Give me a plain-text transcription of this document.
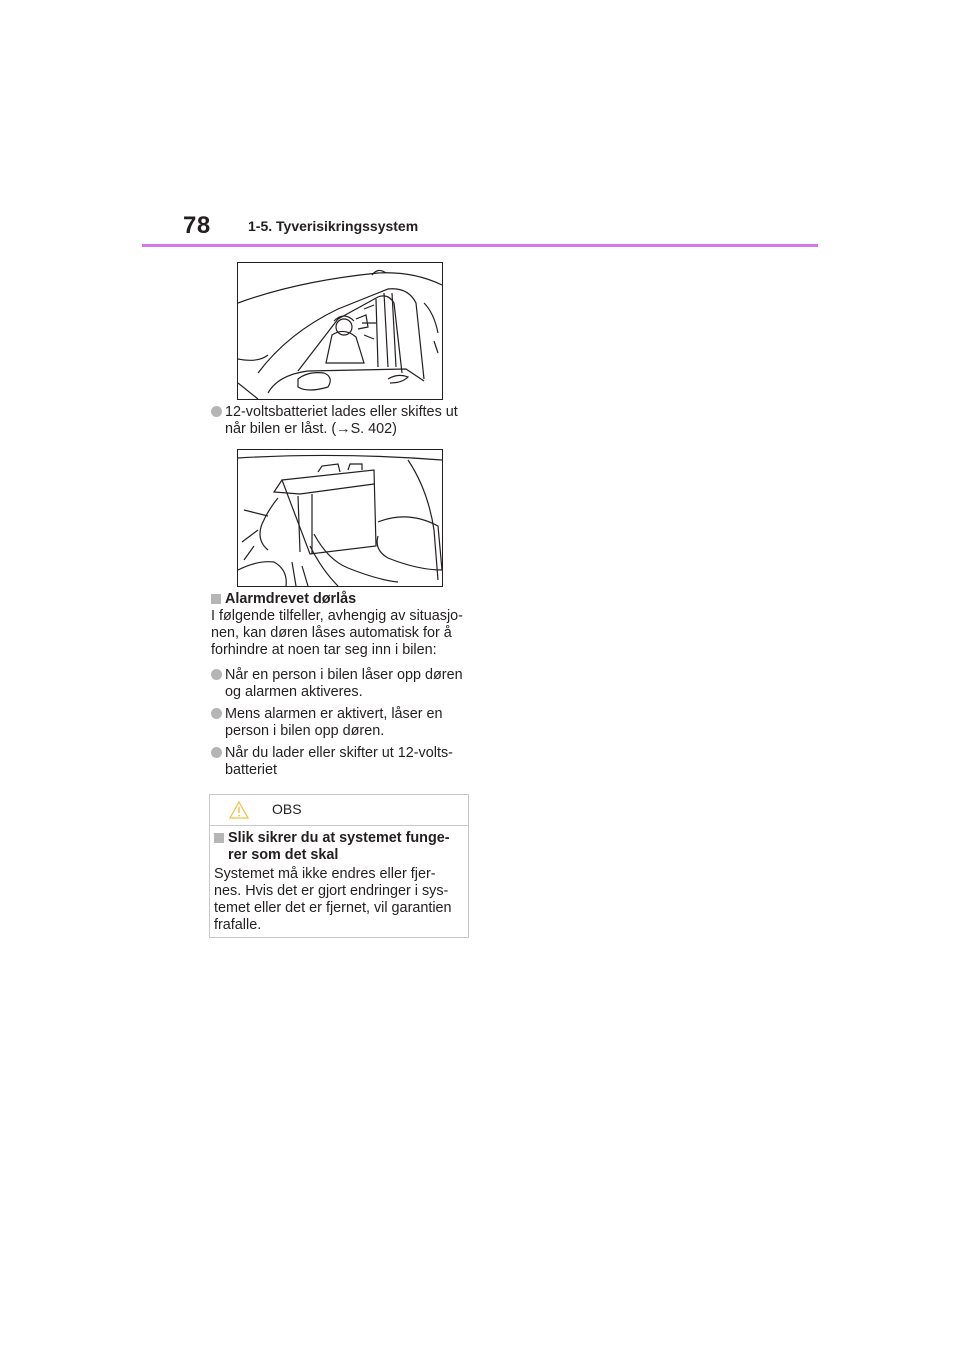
78	1-5. Tyverisikringssystem
12-voltsbatteriet lades eller skiftes ut
når bilen er låst. (→S. 402)
Alarmdrevet dørlås
I følgende tilfeller, avhengig av situasjo-
nen, kan døren låses automatisk for å
forhindre at noen tar seg inn i bilen:
Når en person i bilen låser opp døren
og alarmen aktiveres.
Mens alarmen er aktivert, låser en
person i bilen opp døren.
Når du lader eller skifter ut 12-volts-
batteriet
OBS
Slik sikrer du at systemet funge-
rer som det skal
Systemet må ikke endres eller fjer-
nes. Hvis det er gjort endringer i sys-
temet eller det er fjernet, vil garantien
frafalle.
